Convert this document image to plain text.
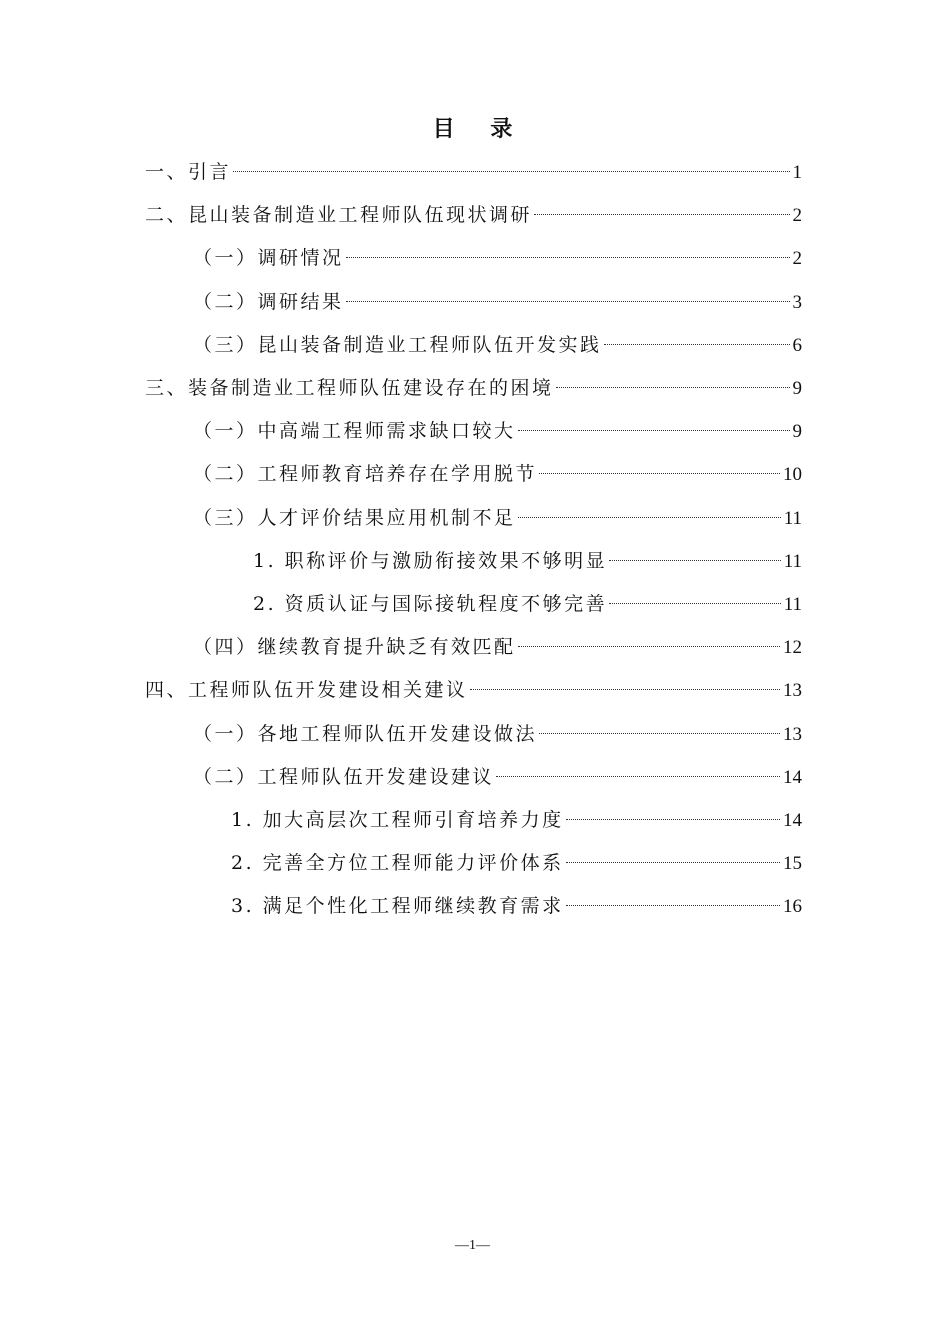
目 录
一、引言	1
二、昆山装备制造业工程师队伍现状调研	2
（一）调研情况	2
（二）调研结果	3
（三）昆山装备制造业工程师队伍开发实践	6
三、装备制造业工程师队伍建设存在的困境	9
（一）中高端工程师需求缺口较大	9
（二）工程师教育培养存在学用脱节	10
（三）人才评价结果应用机制不足	11
1. 职称评价与激励衔接效果不够明显	11
2. 资质认证与国际接轨程度不够完善	11
（四）继续教育提升缺乏有效匹配	12
四、工程师队伍开发建设相关建议	13
（一）各地工程师队伍开发建设做法	13
（二）工程师队伍开发建设建议	14
1. 加大高层次工程师引育培养力度	14
2. 完善全方位工程师能力评价体系	15
3. 满足个性化工程师继续教育需求	16
—1—
